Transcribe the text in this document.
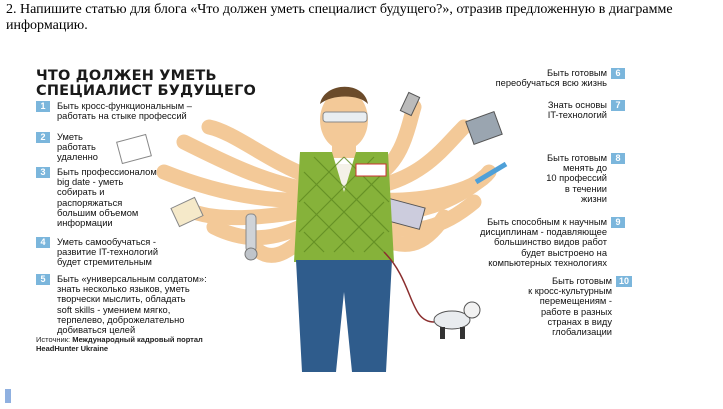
2. Напишите статью для блога «Что должен уметь специалист будущего?», отразив предложенную в диаграмме информацию.
ЧТО ДОЛЖЕН УМЕТЬ
СПЕЦИАЛИСТ БУДУЩЕГО
1	Быть кросс-функциональным –
работать на стыке профессий
2	Уметь
работать
удаленно
3	Быть профессионалом
big date - уметь
собирать и
распоряжаться
большим объемом
информации
4	Уметь самообучаться -
развитие IT-технологий
будет стремительным
5	Быть «универсальным солдатом»:
знать несколько языков, уметь
творчески мыслить, обладать
soft skills - умением мягко,
терпелево, доброжелательно
добиваться целей
Источник: Международный кадровый портал
HeadHunter Ukraine
Быть готовым
переобучаться всю жизнь
6
Знать основы
IT-технологий
7
Быть готовым
менять до
10 профессий
в течении
жизни
8
Быть способным к научным
дисциплинам - подавляющее
большинство видов работ
будет выстроено на
компьютерных технологиях
9
Быть готовым
к кросс-культурным
перемещениям -
работе в разных
странах в виду
глобализации
10
